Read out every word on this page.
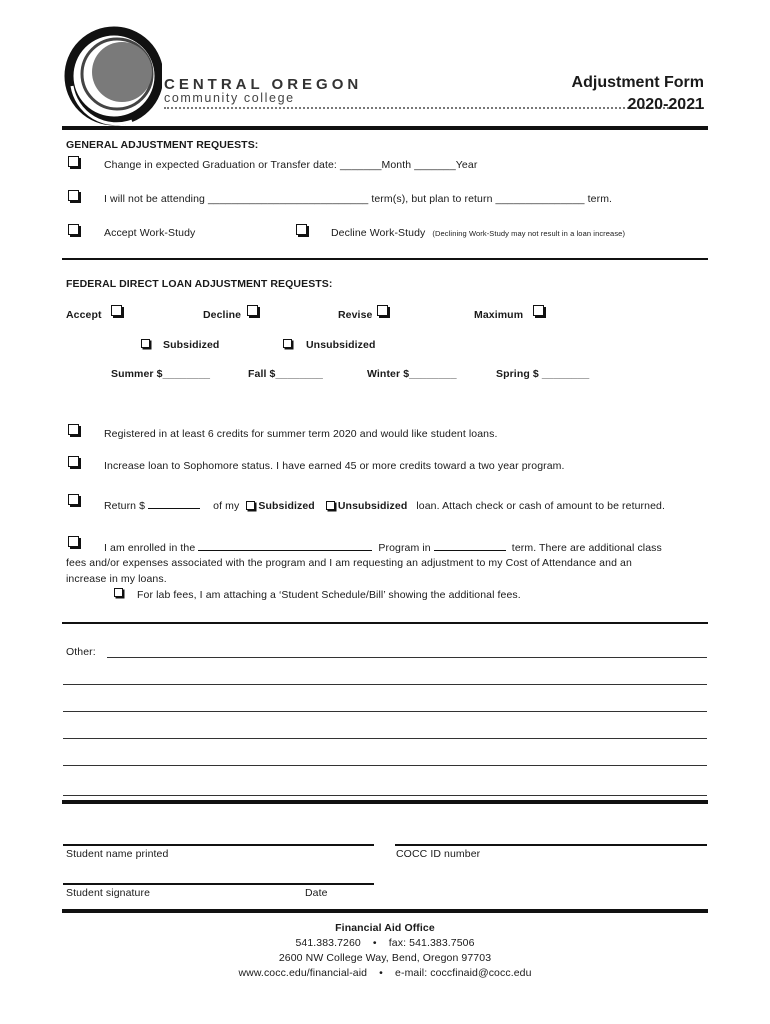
CENTRAL OREGON
community college
Adjustment Form
2020-2021
GENERAL ADJUSTMENT REQUESTS:
Change in expected Graduation or Transfer date: _______Month _______Year
I will not be attending ___________________________ term(s), but plan to return _______________ term.
Accept Work-Study	Decline Work-Study (Declining Work-Study may not result in a loan increase)
FEDERAL DIRECT LOAN ADJUSTMENT REQUESTS:
Accept	Decline	Revise	Maximum
Subsidized	Unsubsidized
Summer $________	Fall $________	Winter $________	Spring $ ________
Registered in at least 6 credits for summer term 2020 and would like student loans.
Increase loan to Sophomore status. I have earned 45 or more credits toward a two year program.
Return $	of my Subsidized Unsubsidized loan. Attach check or cash of amount to be returned.
I am enrolled in the	Program in	term. There are additional class
fees and/or expenses associated with the program and I am requesting an adjustment to my Cost of Attendance and an
increase in my loans.
For lab fees, I am attaching a ‘Student Schedule/Bill’ showing the additional fees.
Other:
Student name printed	COCC ID number
Student signature	Date
Financial Aid Office
541.383.7260    •    fax: 541.383.7506
2600 NW College Way, Bend, Oregon 97703
www.cocc.edu/financial-aid    •    e-mail: coccfinaid@cocc.edu
